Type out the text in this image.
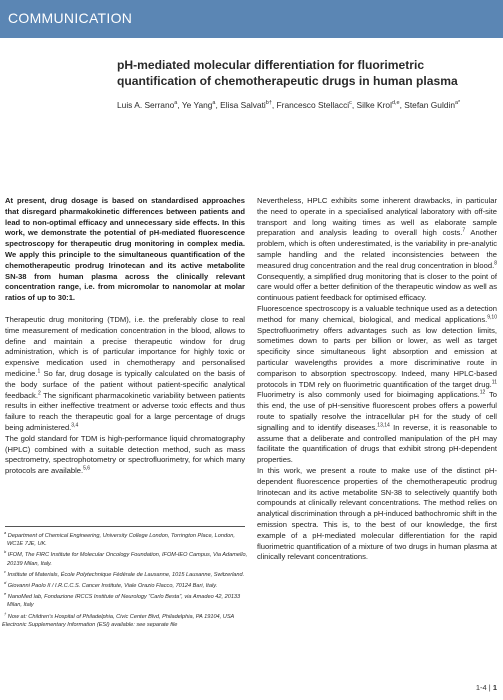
COMMUNICATION
pH-mediated molecular differentiation for fluorimetric quantification of chemotherapeutic drugs in human plasma
Luis A. Serrano$^a$, Ye Yang$^a$, Elisa Salvati$^{b\dagger}$, Francesco Stellacci$^c$, Silke Krol$^{d,e}$, Stefan Guldin$^{a*}$

At present, drug dosage is based on standardised approaches that disregard pharmakokinetic differences between patients and lead to non-optimal efficacy and unnecessary side effects. In this work, we demonstrate the potential of pH-mediated fluorescence spectroscopy for therapeutic drug monitoring in complex media. We apply this principle to the simultaneous quantification of the chemotherapeutic prodrug Irinotecan and its active metabolite SN-38 from human plasma across the clinically relevant concentration range, i.e. from micromolar to nanomolar at molar ratios of up to 30:1.

Therapeutic drug monitoring (TDM), i.e. the preferably close to real time measurement of medication concentration in the blood, allows to define and maintain a precise therapeutic window for drug administration, which is of particular importance for highly toxic or expensive medication used in chemotherapy and personalised medicine.$^1$ So far, drug dosage is typically calculated on the basis of the body surface of the patient without patient-specific analytical feedback.$^2$ The significant pharmacokinetic variability between patients results in either ineffective treatment or adverse toxic effects and thus failure to reach the therapeutic goal for a large percentage of drugs being administered.$^{3,4}$
The gold standard for TDM is high-performance liquid chromatography (HPLC) combined with a suitable detection method, such as mass spectrometry, spectrophotometry or spectrofluorimetry, for which many protocols are available.$^{5,6}$

Nevertheless, HPLC exhibits some inherent drawbacks, in particular the need to operate in a specialised analytical laboratory with off-site transport and long waiting times as well as elaborate sample preparation and analysis leading to overall high costs.$^7$ Another problem, which is often underestimated, is the variability in pre-analytic sample handling and the related inconsistencies between the measured drug concentration and the real drug concentration in blood.$^8$ Consequently, a simplified drug monitoring that is closer to the point of care would offer a better definition of the therapeutic window as well as continuous patient feedback for optimised efficacy.

Fluorescence spectroscopy is a valuable technique used as a detection method for many chemical, biological, and medical applications.$^{9,10}$ Spectrofluorimetry offers advantages such as low detection limits, sometimes down to parts per billion or lower, as well as target specificity since simultaneous light absorption and emission at particular wavelengths provides a more discriminative route in comparison to absorption spectroscopy. Indeed, many HPLC-based protocols in TDM rely on fluorimetric quantification of the target drug.$^{11}$ Fluorimetry is also commonly used for bioimaging applications.$^{12}$ To this end, the use of pH-sensitive fluorescent probes offers a powerful route to spatially resolve the intracellular pH for the study of cell signalling and to identify diseases.$^{13,14}$ In reverse, it is reasonable to assume that a deliberate and controlled manipulation of the pH may facilitate the quantification of drugs that exhibit strong pH-dependent properties.

In this work, we present a route to make use of the distinct pH-dependent fluorescence properties of the chemotherapeutic prodrug Irinotecan and its active metabolite SN-38 to selectively quantify both compounds at clinically relevant concentrations. The method relies on analytical discrimination through a pH-induced bathochromic shift in the emission spectra. This is, to the best of our knowledge, the first example of a pH-mediated molecular differentiation for the rapid fluorimetric quantification of a mixture of two drugs in human plasma at clinically relevant concentrations.

$^a$ Department of Chemical Engineering, University College London, Torrington Place, London, WC1E 7JE, UK.
$^b$ IFOM, The FIRC Institute for Molecular Oncology Foundation, IFOM-IEO Campus, Via Adamello, 20139 Milan, Italy.
$^c$ Institute of Materials, École Polytechnique Fédérale de Lausanne, 1015 Lausanne, Switzerland.
$^d$ Giovanni Paolo II / I.R.C.C.S. Cancer Institute, Viale Orazio Flacco, 70124 Bari, Italy.
$^e$ NanoMed lab, Fondazione IRCCS Institute of Neurology “Carlo Besta”, via Amadeo 42, 20133 Milan, Italy
† Now at: Children's Hospital of Philadelphia, Civic Center Blvd, Philadelphia, PA 19104, USA
Electronic Supplementary Information (ESI) available: see separate file
1-4 | 1
